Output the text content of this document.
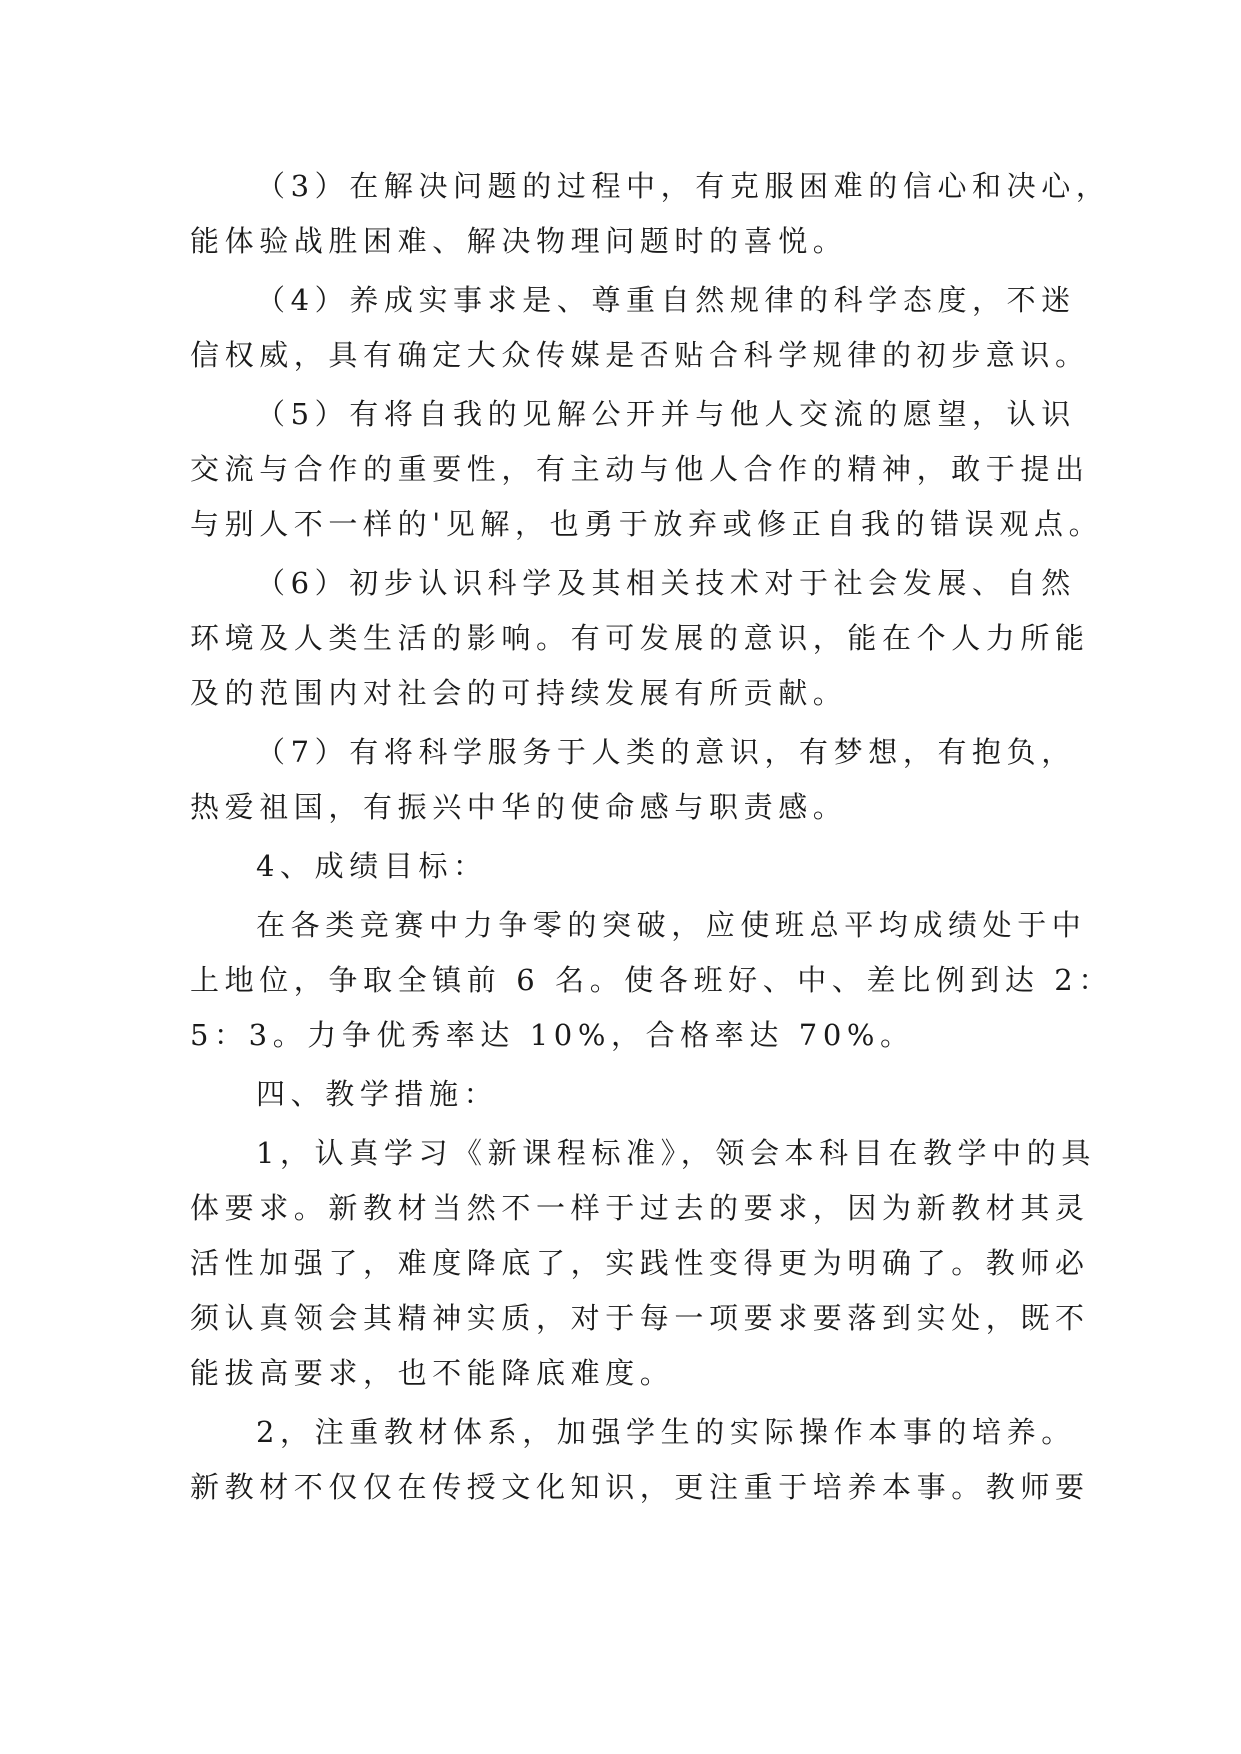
（3）在解决问题的过程中，有克服困难的信心和决心，
能体验战胜困难、解决物理问题时的喜悦。
（4）养成实事求是、尊重自然规律的科学态度，不迷
信权威，具有确定大众传媒是否贴合科学规律的初步意识。
（5）有将自我的见解公开并与他人交流的愿望，认识
交流与合作的重要性，有主动与他人合作的精神，敢于提出
与别人不一样的'见解，也勇于放弃或修正自我的错误观点。
（6）初步认识科学及其相关技术对于社会发展、自然
环境及人类生活的影响。有可发展的意识，能在个人力所能
及的范围内对社会的可持续发展有所贡献。
（7）有将科学服务于人类的意识，有梦想，有抱负，
热爱祖国，有振兴中华的使命感与职责感。
4、成绩目标：
在各类竞赛中力争零的突破，应使班总平均成绩处于中
上地位，争取全镇前 6 名。使各班好、中、差比例到达 2：
5：3。力争优秀率达 10%，合格率达 70%。
四、教学措施：
1，认真学习《新课程标准》，领会本科目在教学中的具
体要求。新教材当然不一样于过去的要求，因为新教材其灵
活性加强了，难度降底了，实践性变得更为明确了。教师必
须认真领会其精神实质，对于每一项要求要落到实处，既不
能拔高要求，也不能降底难度。
2，注重教材体系，加强学生的实际操作本事的培养。
新教材不仅仅在传授文化知识，更注重于培养本事。教师要
